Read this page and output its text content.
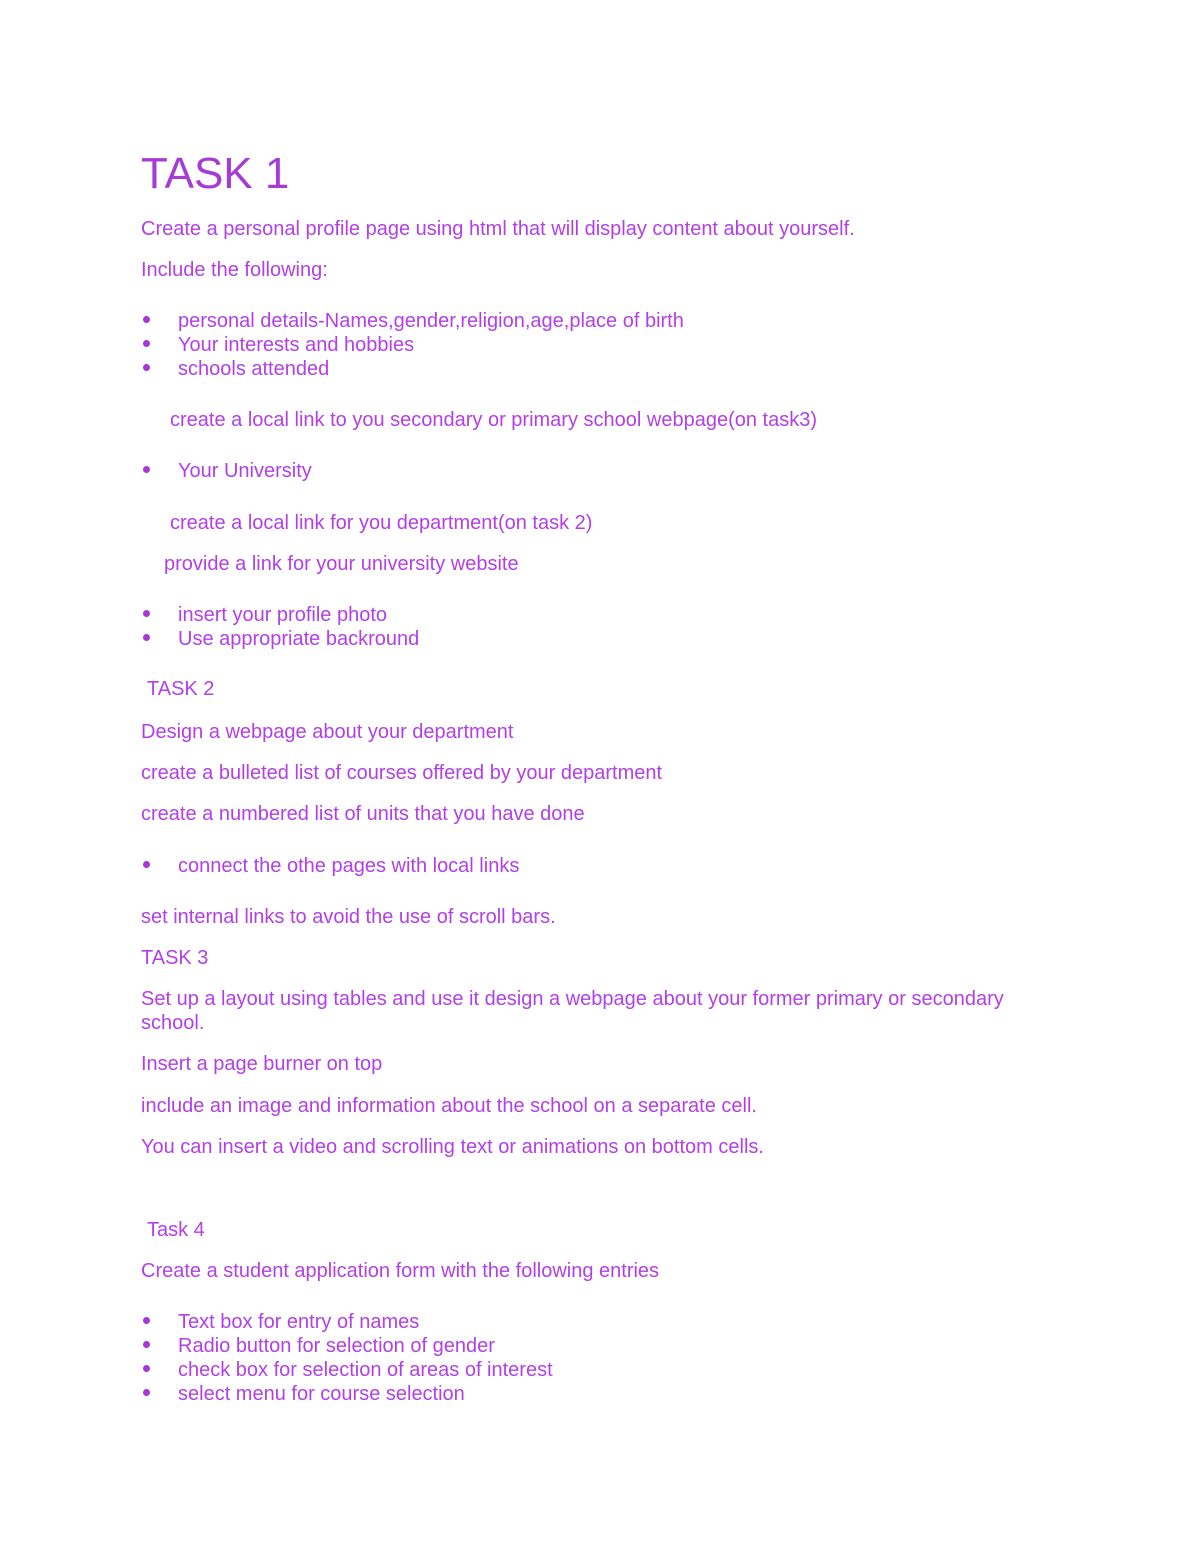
TASK 1
Create a personal profile page using html that will display content about yourself.
Include the following:
personal details-Names,gender,religion,age,place of birth
Your interests and hobbies
schools attended
create a local link to you secondary or primary school webpage(on task3)
Your University
create a local link for you department(on task 2)
provide a link for your university website
insert your profile photo
Use appropriate backround
TASK 2
Design a webpage about your department
create a bulleted list of courses offered by your department
create a numbered list of units that you have done
connect the othe pages with local links
set internal links to avoid the use of scroll bars.
TASK 3
Set up a layout using tables and use it design a webpage about your former primary or secondary school.
Insert a page burner on top
include an image and information about the school on a separate cell.
You can insert a video and scrolling text or animations on bottom cells.
Task 4
Create a student application form with the following entries
Text box for entry of names
Radio button for selection of gender
check box for selection of areas of interest
select menu for course selection
